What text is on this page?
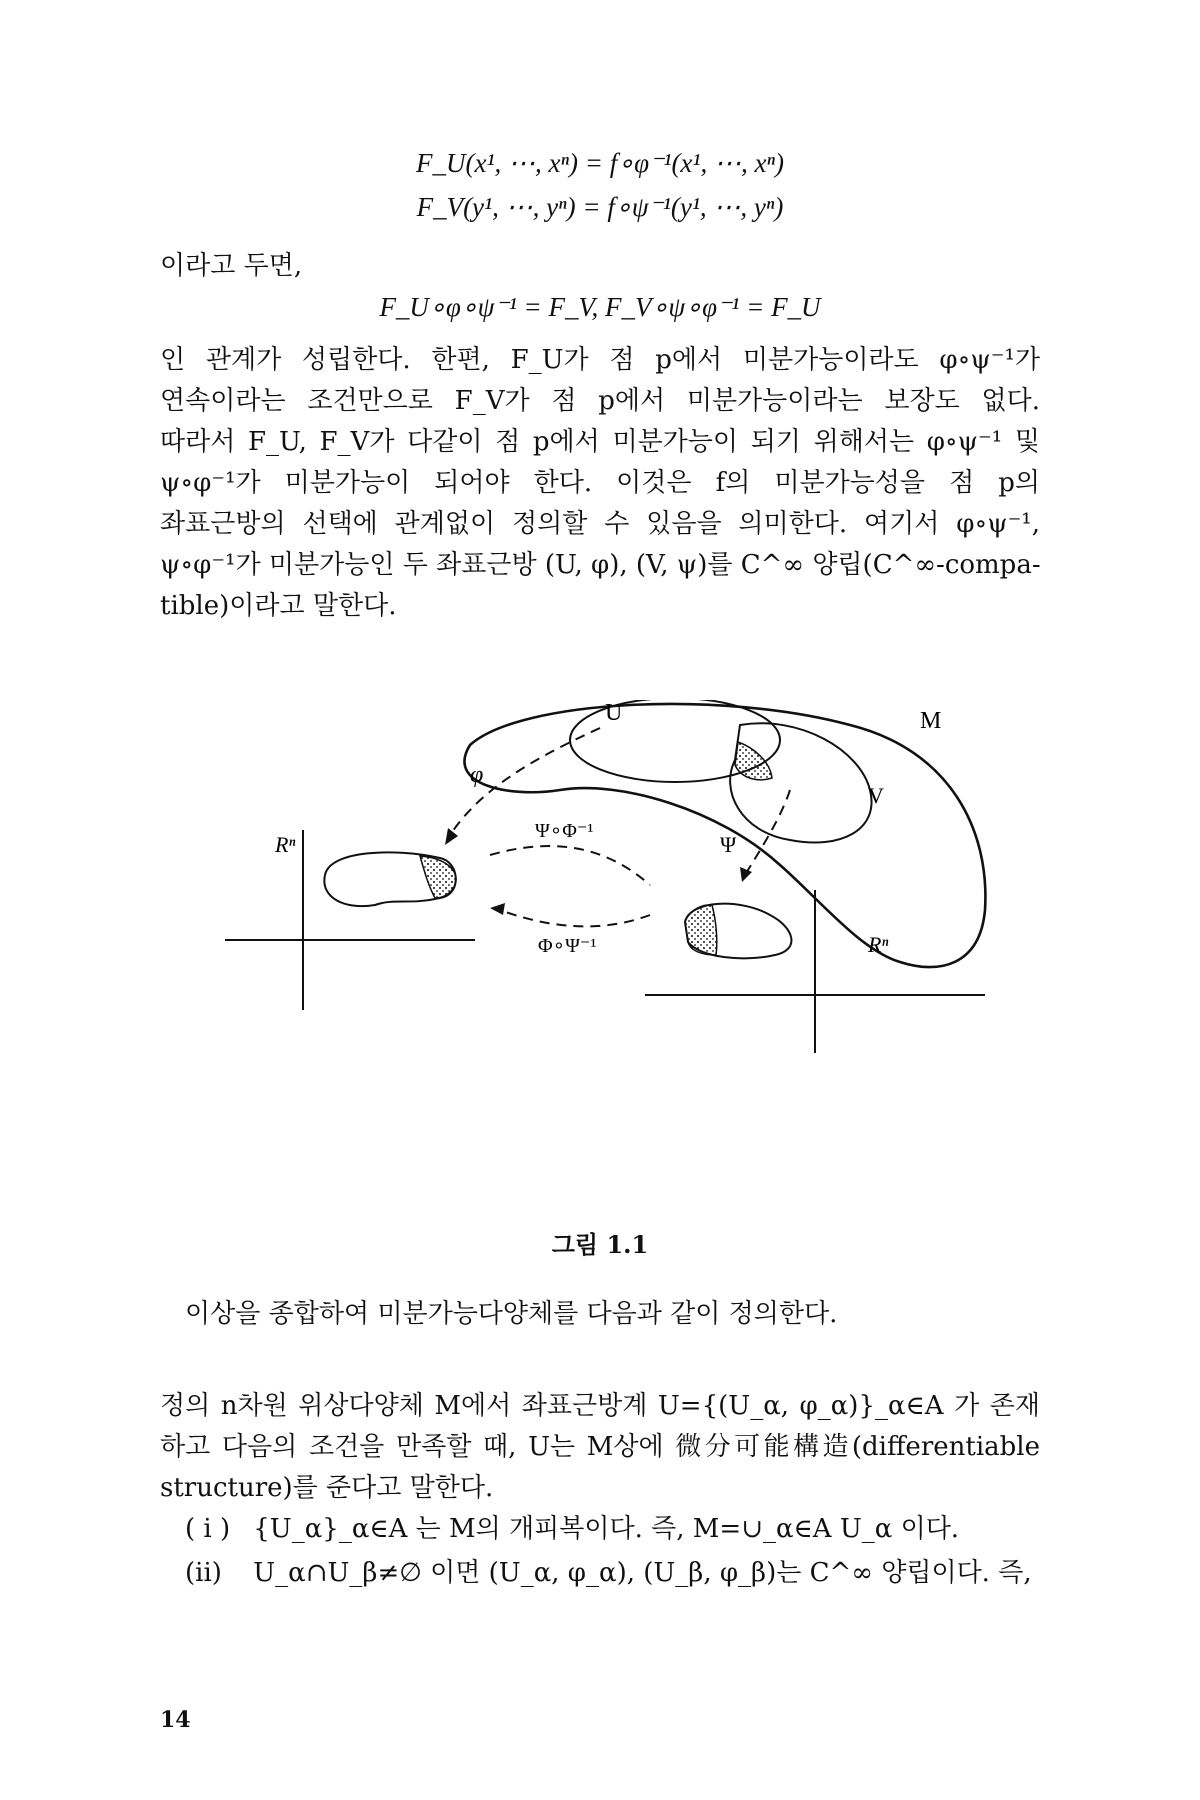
F_U(x¹, ⋯, xⁿ) = f∘φ⁻¹(x¹, ⋯, xⁿ)
F_V(y¹, ⋯, yⁿ) = f∘ψ⁻¹(y¹, ⋯, yⁿ)
이라고 두면,
F_U∘φ∘ψ⁻¹ = F_V, F_V∘ψ∘φ⁻¹ = F_U
인 관계가 성립한다. 한편, F_U가 점 p에서 미분가능이라도 φ∘ψ⁻¹가
연속이라는 조건만으로 F_V가 점 p에서 미분가능이라는 보장도 없다.
따라서 F_U, F_V가 다같이 점 p에서 미분가능이 되기 위해서는 φ∘ψ⁻¹ 및
ψ∘φ⁻¹가 미분가능이 되어야 한다. 이것은 f의 미분가능성을 점 p의
좌표근방의 선택에 관계없이 정의할 수 있음을 의미한다. 여기서 φ∘ψ⁻¹,
ψ∘φ⁻¹가 미분가능인 두 좌표근방 (U, φ), (V, ψ)를 C^∞ 양립(C^∞-compa-
tible)이라고 말한다.
U
V
M
φ
Ψ
Rⁿ
Rⁿ
Ψ∘Φ⁻¹
Φ∘Ψ⁻¹
그림 1.1
이상을 종합하여 미분가능다양체를 다음과 같이 정의한다.
정의 n차원 위상다양체 M에서 좌표근방계 U={(U_α, φ_α)}_α∈A 가 존재
하고 다음의 조건을 만족할 때, U는 M상에 微分可能構造(differentiable
structure)를 준다고 말한다.
( i ) {U_α}_α∈A 는 M의 개피복이다. 즉, M=∪_α∈A U_α 이다.
(ii) U_α∩U_β≠∅ 이면 (U_α, φ_α), (U_β, φ_β)는 C^∞ 양립이다. 즉,
14
